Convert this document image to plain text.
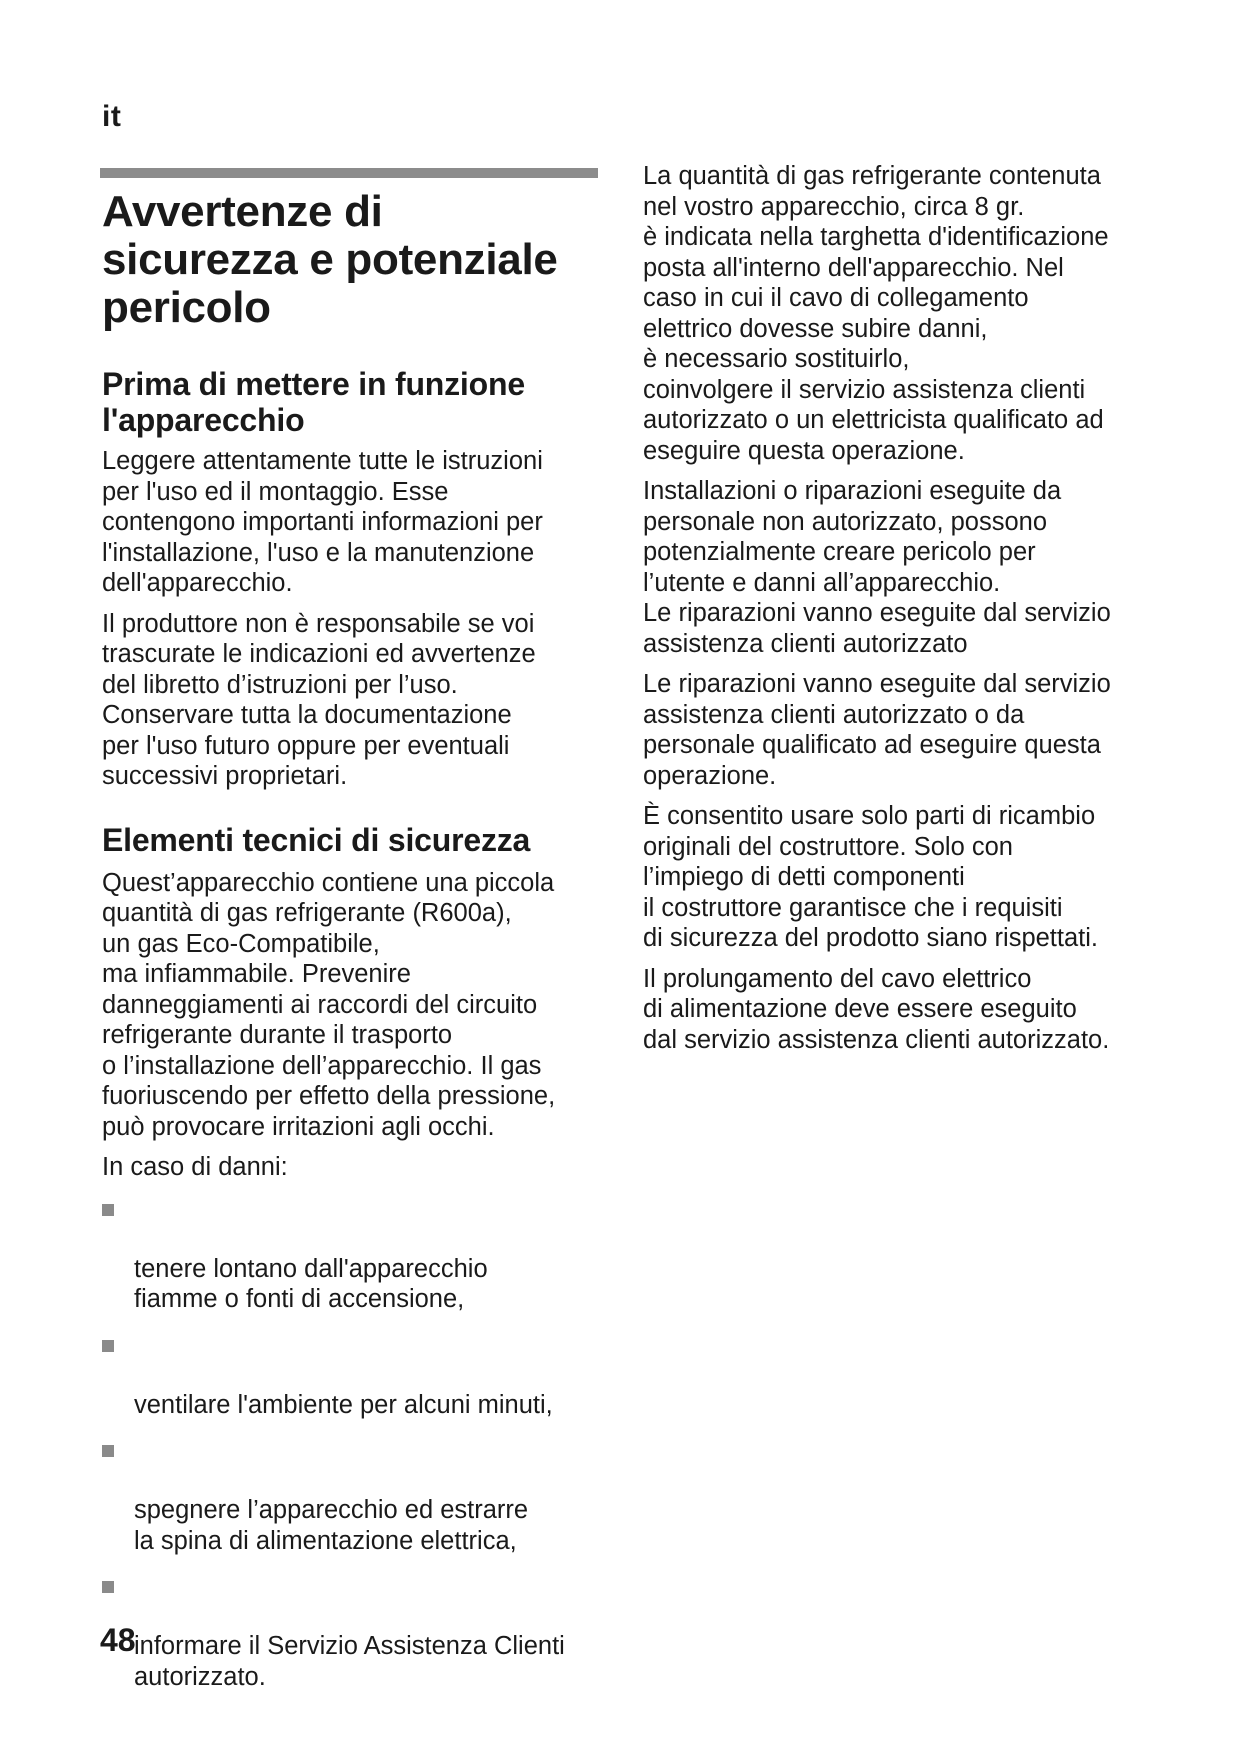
it
Avvertenze di
sicurezza e potenziale
pericolo
Prima di mettere in funzione
l'apparecchio

Leggere attentamente tutte le istruzioni
per l'uso ed il montaggio. Esse
contengono importanti informazioni per
l'installazione, l'uso e la manutenzione
dell'apparecchio.

Il produttore non è responsabile se voi
trascurate le indicazioni ed avvertenze
del libretto d’istruzioni per l’uso.
Conservare tutta la documentazione
per l'uso futuro oppure per eventuali
successivi proprietari.

Elementi tecnici di sicurezza

Quest’apparecchio contiene una piccola
quantità di gas refrigerante (R600a),
un gas Eco-Compatibile,
ma infiammabile. Prevenire
danneggiamenti ai raccordi del circuito
refrigerante durante il trasporto
o l’installazione dell’apparecchio. Il gas
fuoriuscendo per effetto della pressione,
può provocare irritazioni agli occhi.

In caso di danni:

tenere lontano dall'apparecchio
fiamme o fonti di accensione,

ventilare l'ambiente per alcuni minuti,

spegnere l’apparecchio ed estrarre
la spina di alimentazione elettrica,

informare il Servizio Assistenza Clienti
autorizzato.

La quantità di gas refrigerante contenuta
nel vostro apparecchio, circa 8 gr.
è indicata nella targhetta d'identificazione
posta all'interno dell'apparecchio. Nel
caso in cui il cavo di collegamento
elettrico dovesse subire danni,
è necessario sostituirlo,
coinvolgere il servizio assistenza clienti
autorizzato o un elettricista qualificato ad
eseguire questa operazione.

Installazioni o riparazioni eseguite da
personale non autorizzato, possono
potenzialmente creare pericolo per
l’utente e danni all’apparecchio.
Le riparazioni vanno eseguite dal servizio
assistenza clienti autorizzato

Le riparazioni vanno eseguite dal servizio
assistenza clienti autorizzato o da
personale qualificato ad eseguire questa
operazione.

È consentito usare solo parti di ricambio
originali del costruttore. Solo con
l’impiego di detti componenti
il costruttore garantisce che i requisiti
di sicurezza del prodotto siano rispettati.

Il prolungamento del cavo elettrico
di alimentazione deve essere eseguito
dal servizio assistenza clienti autorizzato.

48
